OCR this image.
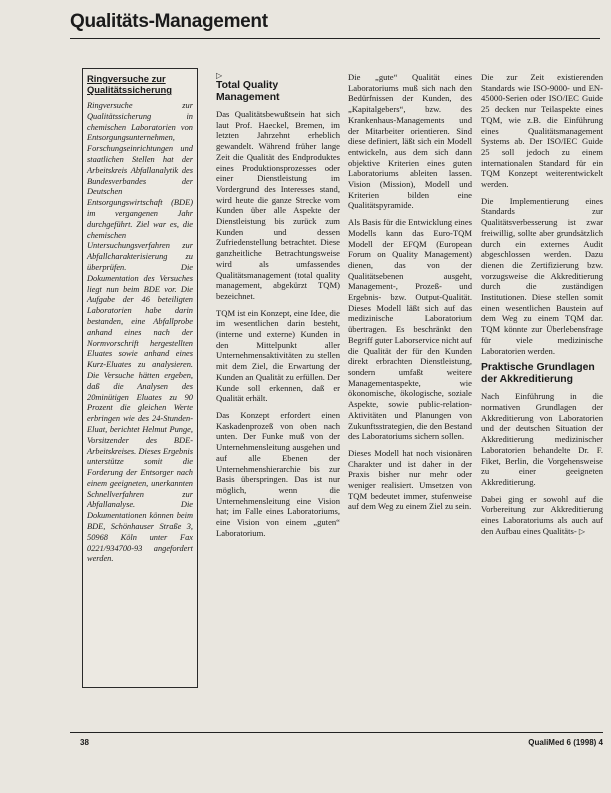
Qualitäts-Management
Ringversuche zur Qualitätssicherung

Ringversuche zur Qualitätssicherung in chemischen Laboratorien von Entsorgungsunternehmen, Forschungseinrichtungen und staatlichen Stellen hat der Arbeitskreis Abfallanalytik des Bundesverbandes der Deutschen Entsorgungswirtschaft (BDE) im vergangenen Jahr durchgeführt. Ziel war es, die chemischen Untersuchungsverfahren zur Abfallcharakterisierung zu überprüfen. Die Dokumentation des Versuches liegt nun beim BDE vor. Die Aufgabe der 46 beteiligten Laboratorien habe darin bestanden, eine Abfallprobe anhand eines nach der Normvorschrift hergestellten Eluates sowie anhand eines Kurz-Eluates zu analysieren. Die Versuche hätten ergeben, daß die Analysen des 20minütigen Eluates zu 90 Prozent die gleichen Werte erbringen wie des 24-Stunden-Eluat, berichtet Helmut Punge, Vorsitzender des BDE-Arbeitskreises. Dieses Ergebnis unterstütze somit die Forderung der Entsorger nach einem geeigneten, unerkannten Schnellverfahren zur Abfallanalyse. Die Dokumentationen können beim BDE, Schönhauser Straße 3, 50968 Köln unter Fax 0221/934700-93 angefordert werden.

▷
Total Quality Management

Das Qualitätsbewußtsein hat sich laut Prof. Haeckel, Bremen, im letzten Jahrzehnt erheblich gewandelt. Während früher lange Zeit die Qualität des Endproduktes eines Produktionsprozesses oder einer Dienstleistung im Vordergrund des Interesses stand, wird heute die ganze Strecke vom Kunden über alle Aspekte der Dienstleistung bis zurück zum Kunden und dessen Zufriedenstellung betrachtet. Diese ganzheitliche Betrachtungsweise wird als umfassendes Qualitätsmanagement (total quality management, abgekürzt TQM) bezeichnet.

TQM ist ein Konzept, eine Idee, die im wesentlichen darin besteht, (interne und externe) Kunden in den Mittelpunkt aller Unternehmensaktivitäten zu stellen mit dem Ziel, die Erwartung der Kunden an Qualität zu erfüllen. Der Kunde soll erkennen, daß er Qualität erhält.

Das Konzept erfordert einen Kaskadenprozeß von oben nach unten. Der Funke muß von der Unternehmensleitung ausgehen und auf alle Ebenen der Unternehmenshierarchie bis zur Basis überspringen. Das ist nur möglich, wenn die Unternehmensleitung eine Vision hat; im Falle eines Laboratoriums, eine Vision von einem „guten“ Laboratorium.

Die „gute“ Qualität eines Laboratoriums muß sich nach den Bedürfnissen der Kunden, des „Kapitalgebers“, bzw. des Krankenhaus-Managements und der Mitarbeiter orientieren. Sind diese definiert, läßt sich ein Modell entwickeln, aus dem sich dann objektive Kriterien eines guten Laboratoriums ableiten lassen. Vision (Mission), Modell und Kriterien bilden eine Qualitätspyramide.

Als Basis für die Entwicklung eines Modells kann das Euro-TQM Modell der EFQM (European Forum on Quality Management) dienen, das von der Qualitätsebenen ausgeht, Management-, Prozeß- und Ergebnis- bzw. Output-Qualität. Dieses Modell läßt sich auf das medizinische Laboratorium übertragen. Es beschränkt den Begriff guter Laborservice nicht auf die Qualität der für den Kunden direkt erbrachten Dienstleistung, sondern umfaßt weitere Managementaspekte, wie ökonomische, ökologische, soziale Aspekte, sowie public-relation-Aktivitäten und Planungen von Zukunftsstrategien, die den Bestand des Laboratoriums sichern sollen.

Dieses Modell hat noch visionären Charakter und ist daher in der Praxis bisher nur mehr oder weniger realisiert. Umsetzen von TQM bedeutet immer, stufenweise auf dem Weg zu einem Ziel zu sein.

Die zur Zeit existierenden Standards wie ISO-9000- und EN-45000-Serien oder ISO/IEC Guide 25 decken nur Teilaspekte eines TQM, wie z.B. die Einführung eines Qualitätsmanagement Systems ab. Der ISO/IEC Guide 25 soll jedoch zu einem internationalen Standard für ein TQM Konzept weiterentwickelt werden.

Die Implementierung eines Standards zur Qualitätsverbesserung ist zwar freiwillig, sollte aber grundsätzlich durch ein externes Audit abgeschlossen werden. Dazu dienen die Zertifizierung bzw. vorzugsweise die Akkreditierung durch die zuständigen Institutionen. Diese stellen somit einen wesentlichen Baustein auf dem Weg zu einem TQM dar. TQM könnte zur Überlebensfrage für viele medizinische Laboratorien werden.

Praktische Grundlagen der Akkreditierung

Nach Einführung in die normativen Grundlagen der Akkreditierung von Laboratorien und der deutschen Situation der Akkreditierung medizinischer Laboratorien behandelte Dr. F. Fiket, Berlin, die Vorgehensweise zu einer geeigneten Akkreditierung.

Dabei ging er sowohl auf die Vorbereitung zur Akkreditierung eines Laboratoriums als auch auf den Aufbau eines Qualitäts- ▷

38	QualiMed 6 (1998) 4
